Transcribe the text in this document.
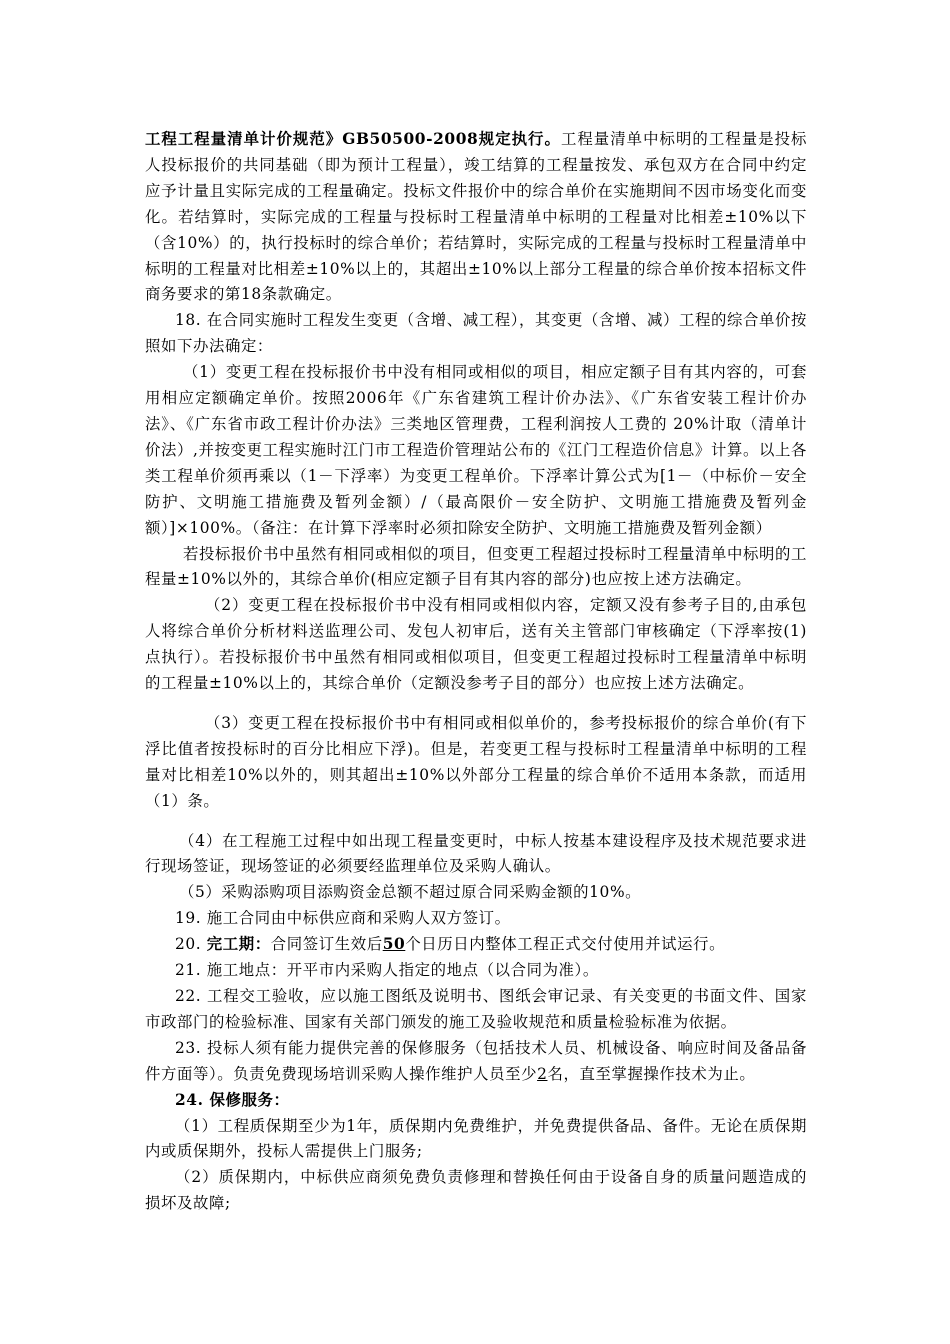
工程工程量清单计价规范》GB50500-2008规定执行。工程量清单中标明的工程量是投标人投标报价的共同基础（即为预计工程量），竣工结算的工程量按发、承包双方在合同中约定应予计量且实际完成的工程量确定。投标文件报价中的综合单价在实施期间不因市场变化而变化。若结算时，实际完成的工程量与投标时工程量清单中标明的工程量对比相差±10%以下（含10%）的，执行投标时的综合单价；若结算时，实际完成的工程量与投标时工程量清单中标明的工程量对比相差±10%以上的，其超出±10%以上部分工程量的综合单价按本招标文件商务要求的第18条款确定。

18. 在合同实施时工程发生变更（含增、减工程），其变更（含增、减）工程的综合单价按照如下办法确定：

（1）变更工程在投标报价书中没有相同或相似的项目，相应定额子目有其内容的，可套用相应定额确定单价。按照2006年《广东省建筑工程计价办法》、《广东省安装工程计价办法》、《广东省市政工程计价办法》三类地区管理费，工程利润按人工费的 20%计取（清单计价法）,并按变更工程实施时江门市工程造价管理站公布的《江门工程造价信息》计算。以上各类工程单价须再乘以（1－下浮率）为变更工程单价。下浮率计算公式为[1－（中标价－安全防护、文明施工措施费及暂列金额）/（最高限价－安全防护、文明施工措施费及暂列金额）]×100%。（备注：在计算下浮率时必须扣除安全防护、文明施工措施费及暂列金额）

若投标报价书中虽然有相同或相似的项目，但变更工程超过投标时工程量清单中标明的工程量±10%以外的，其综合单价(相应定额子目有其内容的部分)也应按上述方法确定。

（2）变更工程在投标报价书中没有相同或相似内容，定额又没有参考子目的,由承包人将综合单价分析材料送监理公司、发包人初审后，送有关主管部门审核确定（下浮率按(1)点执行）。若投标报价书中虽然有相同或相似项目，但变更工程超过投标时工程量清单中标明的工程量±10%以上的，其综合单价（定额没参考子目的部分）也应按上述方法确定。

（3）变更工程在投标报价书中有相同或相似单价的，参考投标报价的综合单价(有下浮比值者按投标时的百分比相应下浮)。但是，若变更工程与投标时工程量清单中标明的工程量对比相差10%以外的，则其超出±10%以外部分工程量的综合单价不适用本条款，而适用（1）条。

（4）在工程施工过程中如出现工程量变更时，中标人按基本建设程序及技术规范要求进行现场签证，现场签证的必须要经监理单位及采购人确认。

（5）采购添购项目添购资金总额不超过原合同采购金额的10%。

19. 施工合同由中标供应商和采购人双方签订。

20. 完工期：合同签订生效后50个日历日内整体工程正式交付使用并试运行。

21. 施工地点：开平市内采购人指定的地点（以合同为准）。

22. 工程交工验收，应以施工图纸及说明书、图纸会审记录、有关变更的书面文件、国家市政部门的检验标准、国家有关部门颁发的施工及验收规范和质量检验标准为依据。

23. 投标人须有能力提供完善的保修服务（包括技术人员、机械设备、响应时间及备品备件方面等）。负责免费现场培训采购人操作维护人员至少2名，直至掌握操作技术为止。

24. 保修服务：

（1）工程质保期至少为1年，质保期内免费维护，并免费提供备品、备件。无论在质保期内或质保期外，投标人需提供上门服务;

（2）质保期内，中标供应商须免费负责修理和替换任何由于设备自身的质量问题造成的损坏及故障;
